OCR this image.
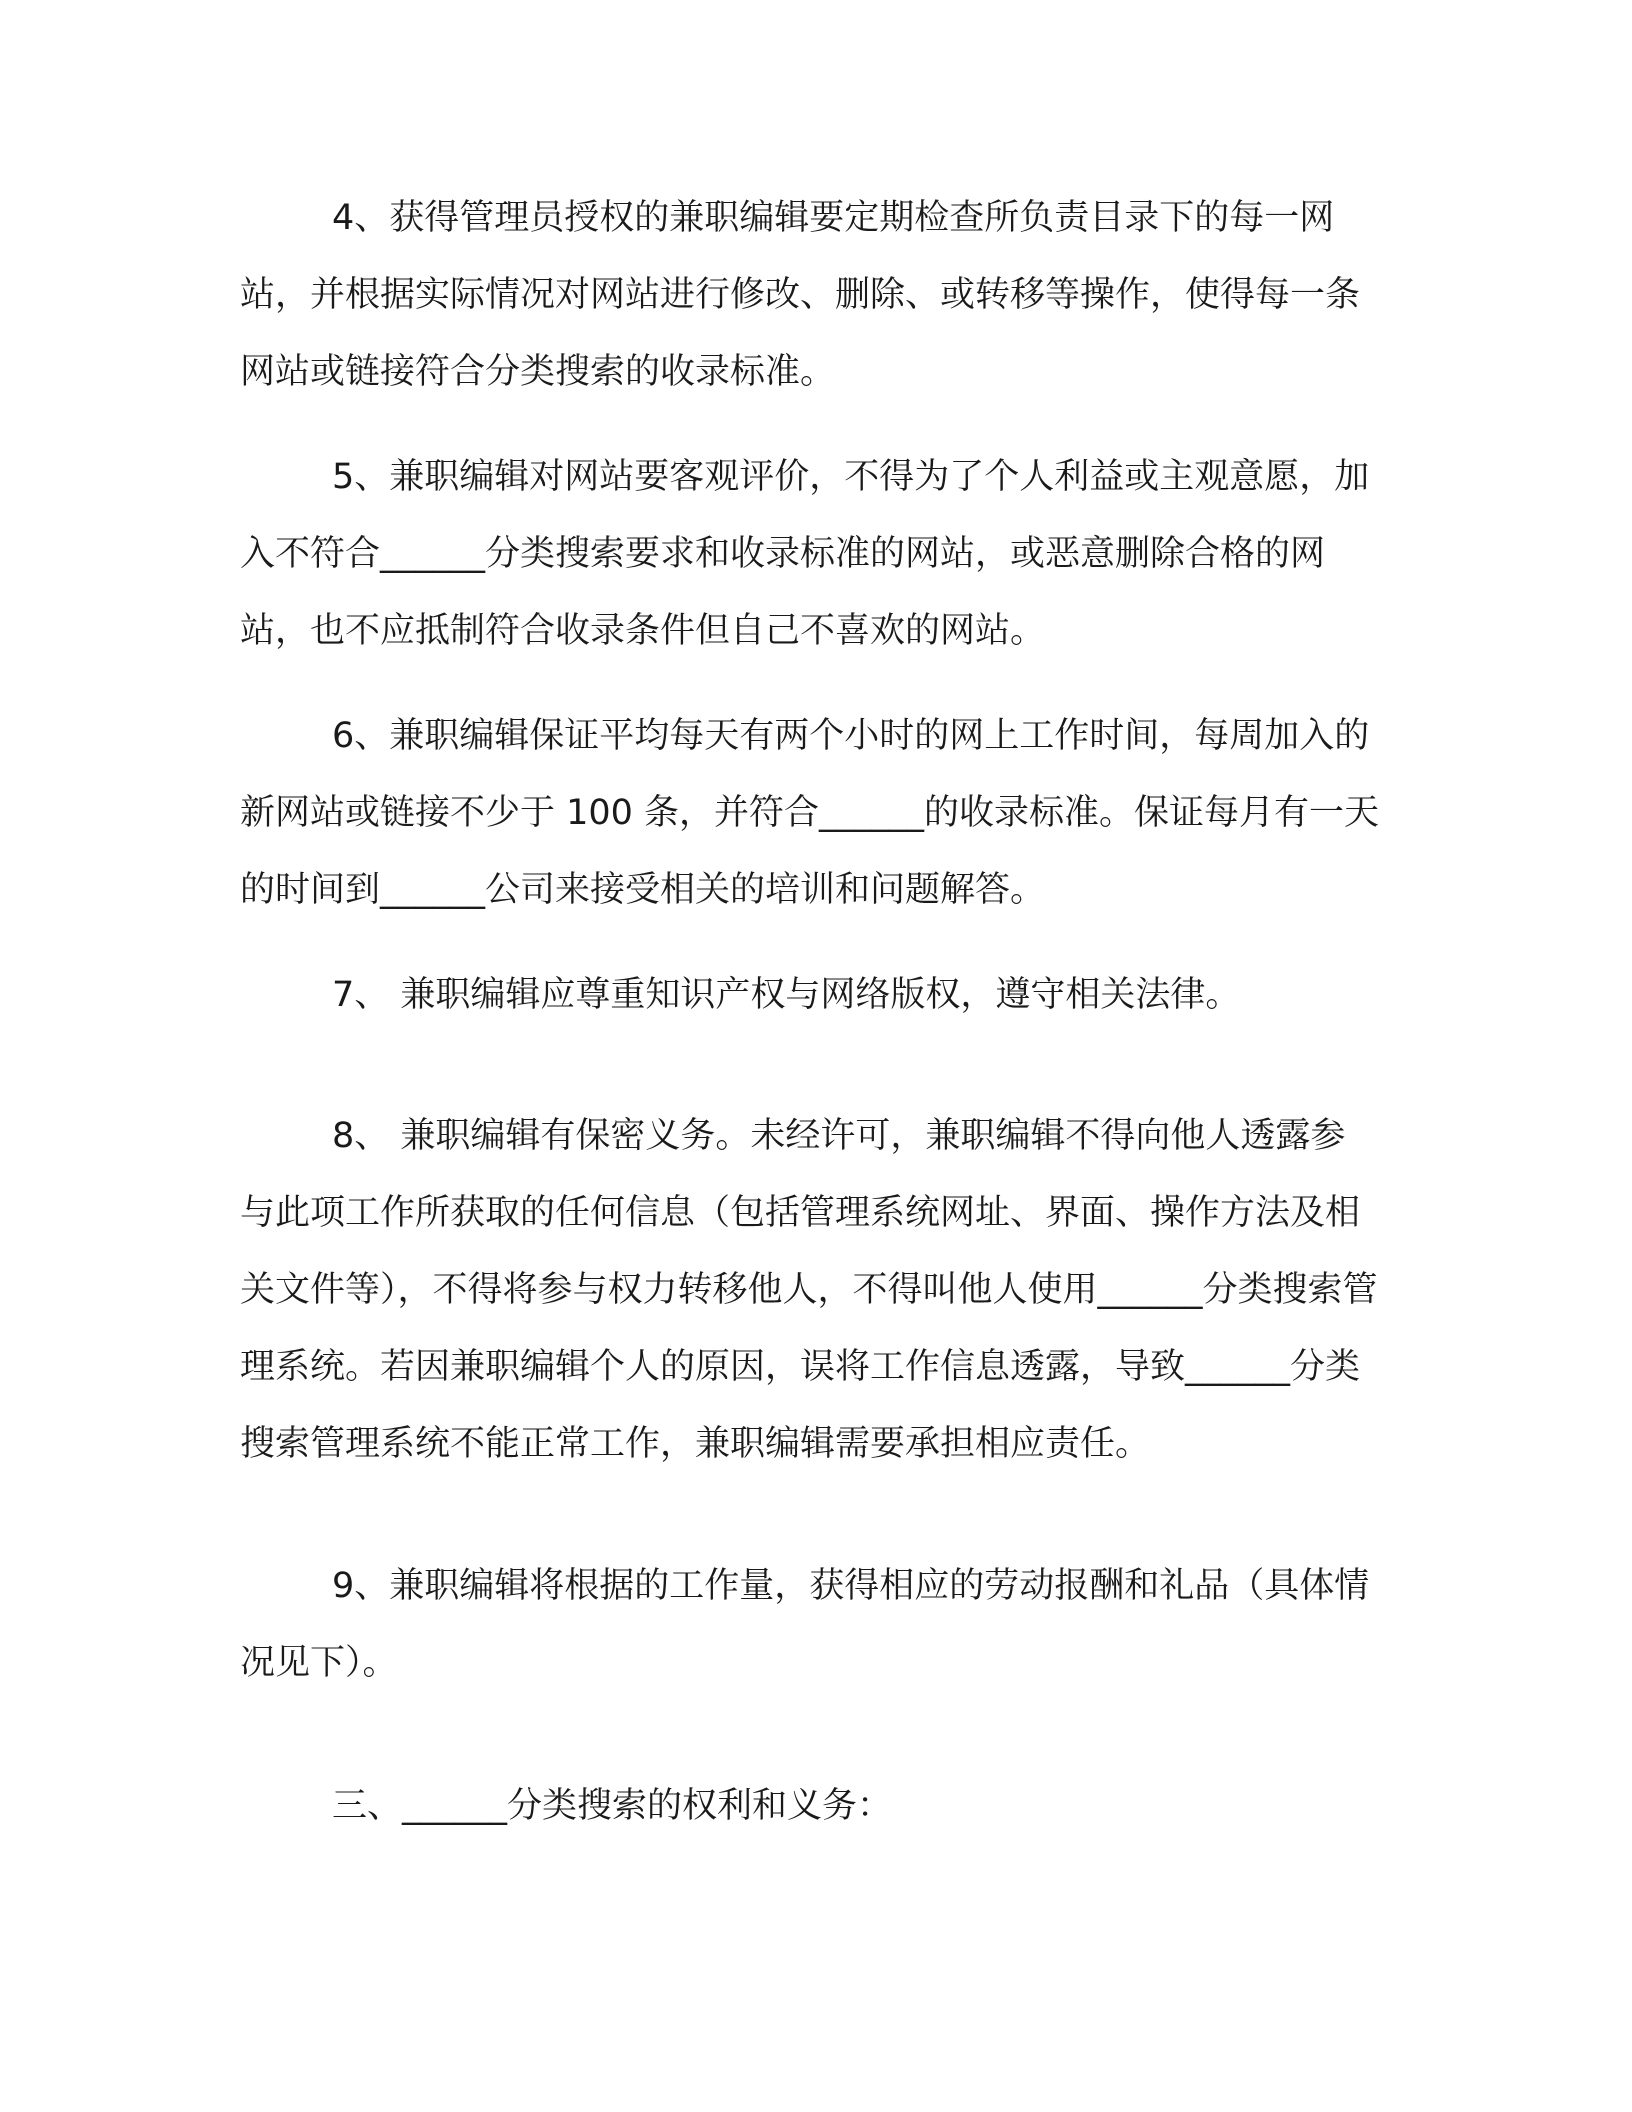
4、获得管理员授权的兼职编辑要定期检查所负责目录下的每一网站，并根据实际情况对网站进行修改、删除、或转移等操作，使得每一条网站或链接符合分类搜索的收录标准。

5、兼职编辑对网站要客观评价，不得为了个人利益或主观意愿，加入不符合______分类搜索要求和收录标准的网站，或恶意删除合格的网站，也不应抵制符合收录条件但自己不喜欢的网站。

6、兼职编辑保证平均每天有两个小时的网上工作时间，每周加入的新网站或链接不少于 100 条，并符合______的收录标准。保证每月有一天的时间到______公司来接受相关的培训和问题解答。

7、 兼职编辑应尊重知识产权与网络版权，遵守相关法律。

8、 兼职编辑有保密义务。未经许可，兼职编辑不得向他人透露参与此项工作所获取的任何信息（包括管理系统网址、界面、操作方法及相关文件等），不得将参与权力转移他人，不得叫他人使用______分类搜索管理系统。若因兼职编辑个人的原因，误将工作信息透露，导致______分类搜索管理系统不能正常工作，兼职编辑需要承担相应责任。

9、兼职编辑将根据的工作量，获得相应的劳动报酬和礼品（具体情况见下）。

三、______分类搜索的权利和义务：
